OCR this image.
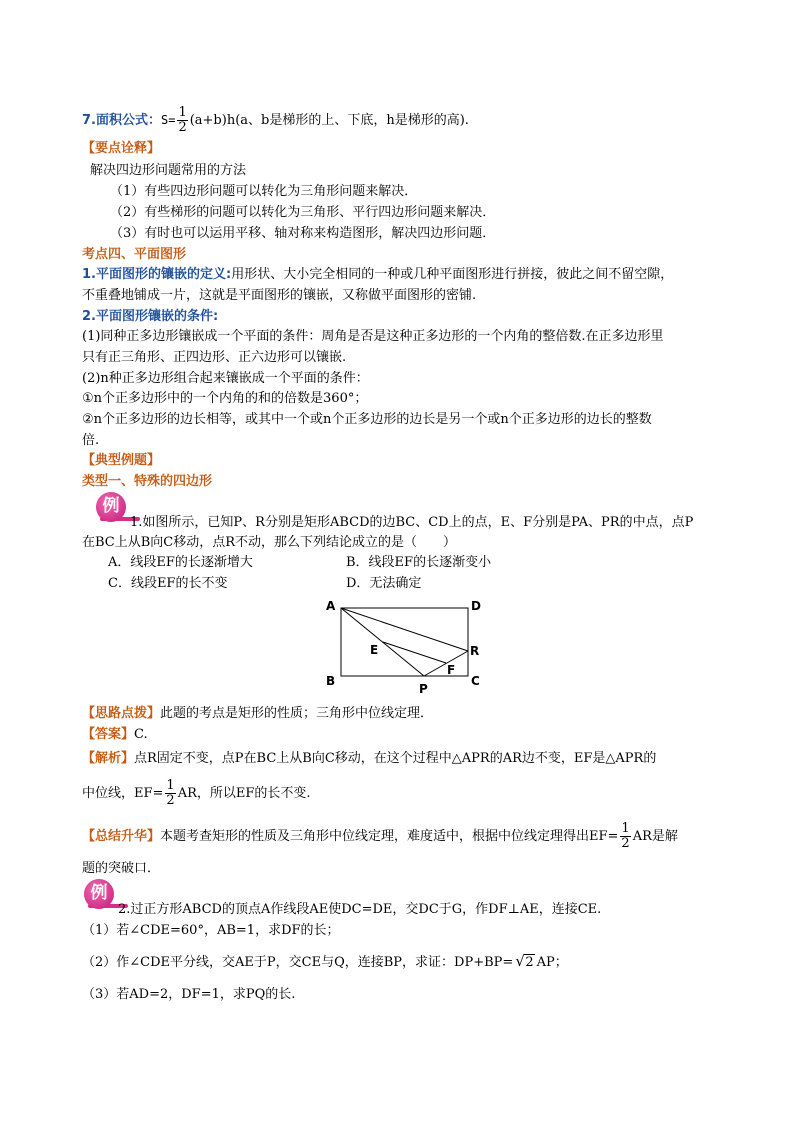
7.面积公式：$S= \frac{1}{2} (a+b)h(a$、b是梯形的上、下底，h是梯形的高).
【要点诠释】
解决四边形问题常用的方法
（1）有些四边形问题可以转化为三角形问题来解决．
（2）有些梯形的问题可以转化为三角形、平行四边形问题来解决．
（3）有时也可以运用平移、轴对称来构造图形，解决四边形问题．
考点四、平面图形
1.平面图形的镶嵌的定义:用形状、大小完全相同的一种或几种平面图形进行拼接，彼此之间不留空隙，
不重叠地铺成一片，这就是平面图形的镶嵌，又称做平面图形的密铺.
2.平面图形镶嵌的条件:
(1)同种正多边形镶嵌成一个平面的条件：周角是否是这种正多边形的一个内角的整倍数.在正多边形里
只有正三角形、正四边形、正六边形可以镶嵌.
(2)n种正多边形组合起来镶嵌成一个平面的条件：
①n个正多边形中的一个内角的和的倍数是360°；
②n个正多边形的边长相等，或其中一个或n个正多边形的边长是另一个或n个正多边形的边长的整数
倍.
【典型例题】
类型一、特殊的四边形
例
1.如图所示，已知P、R分别是矩形ABCD的边BC、CD上的点，E、F分别是PA、PR的中点，点P
在BC上从B向C移动，点R不动，那么下列结论成立的是（　　）
A．线段EF的长逐渐增大	B．线段EF的长逐渐变小
C．线段EF的长不变	D．无法确定
A	D
E	R
F
B
P
C
【思路点拨】此题的考点是矩形的性质；三角形中位线定理．
【答案】C.
【解析】点R固定不变，点P在BC上从B向C移动，在这个过程中△APR的AR边不变，EF是△APR的
中位线，$EF= \frac{1}{2}$ AR，所以EF的长不变.
【总结升华】本题考查矩形的性质及三角形中位线定理，难度适中，根据中位线定理得出$EF= \frac{1}{2}$ AR是解
题的突破口．
例
2.过正方形ABCD的顶点A作线段AE使DC=DE，交DC于G，作DF⊥AE，连接CE.
（1）若∠CDE=60°，AB=1，求DF的长；
（2）作∠CDE平分线，交AE于P，交CE与Q，连接BP，求证：DP+BP= √ 2 AP；
（3）若AD=2，DF=1，求PQ的长.
